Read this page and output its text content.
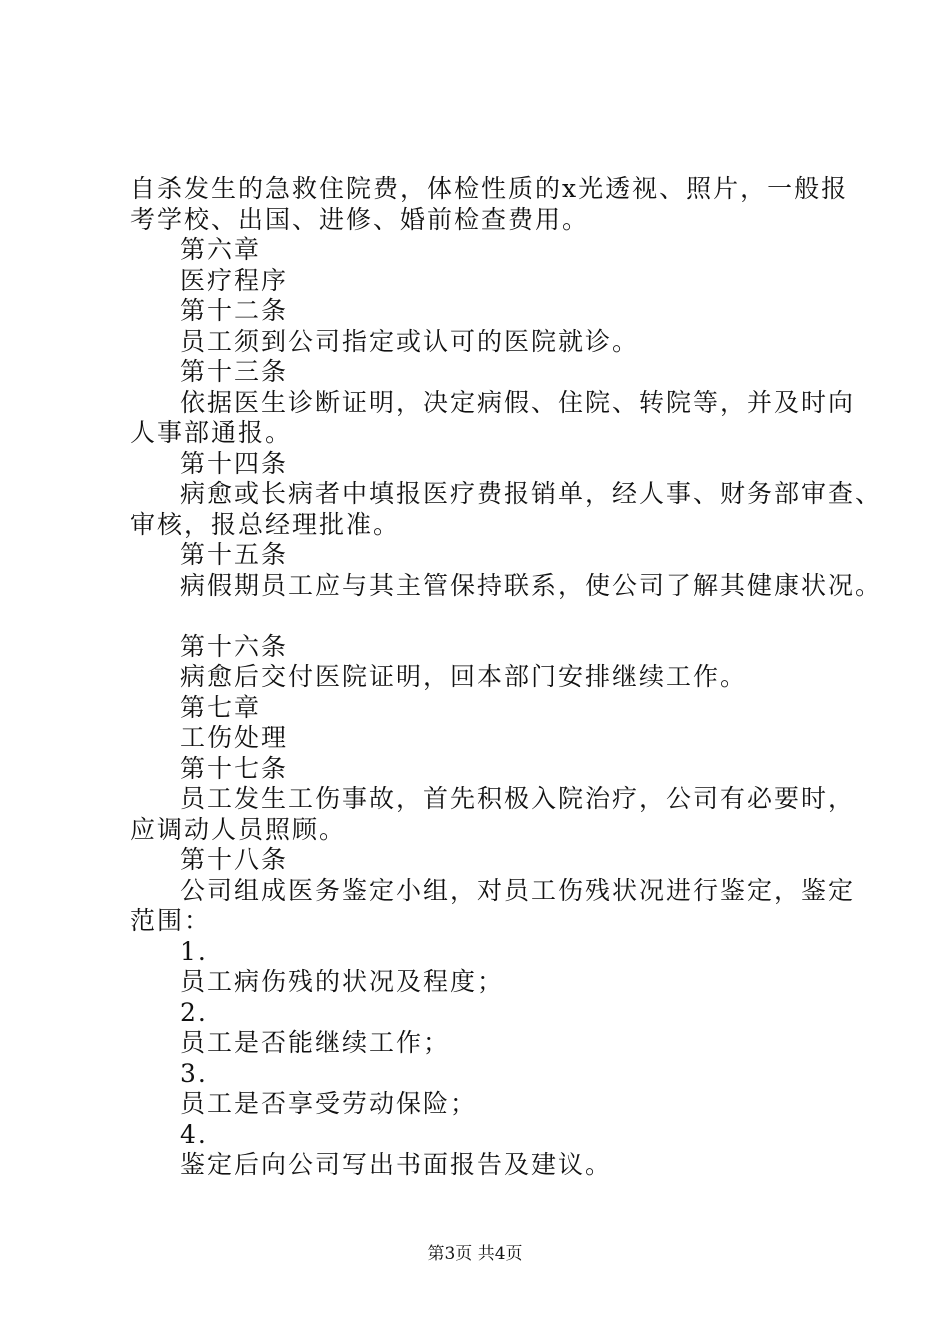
自杀发生的急救住院费，体检性质的x光透视、照片，一般报
考学校、出国、进修、婚前检查费用。
第六章
医疗程序
第十二条
员工须到公司指定或认可的医院就诊。
第十三条
依据医生诊断证明，决定病假、住院、转院等，并及时向
人事部通报。
第十四条
病愈或长病者中填报医疗费报销单，经人事、财务部审查、
审核，报总经理批准。
第十五条
病假期员工应与其主管保持联系，使公司了解其健康状况。
第十六条
病愈后交付医院证明，回本部门安排继续工作。
第七章
工伤处理
第十七条
员工发生工伤事故，首先积极入院治疗，公司有必要时，
应调动人员照顾。
第十八条
公司组成医务鉴定小组，对员工伤残状况进行鉴定，鉴定
范围：
1.
员工病伤残的状况及程度；
2.
员工是否能继续工作；
3.
员工是否享受劳动保险；
4.
鉴定后向公司写出书面报告及建议。
第3页 共4页
